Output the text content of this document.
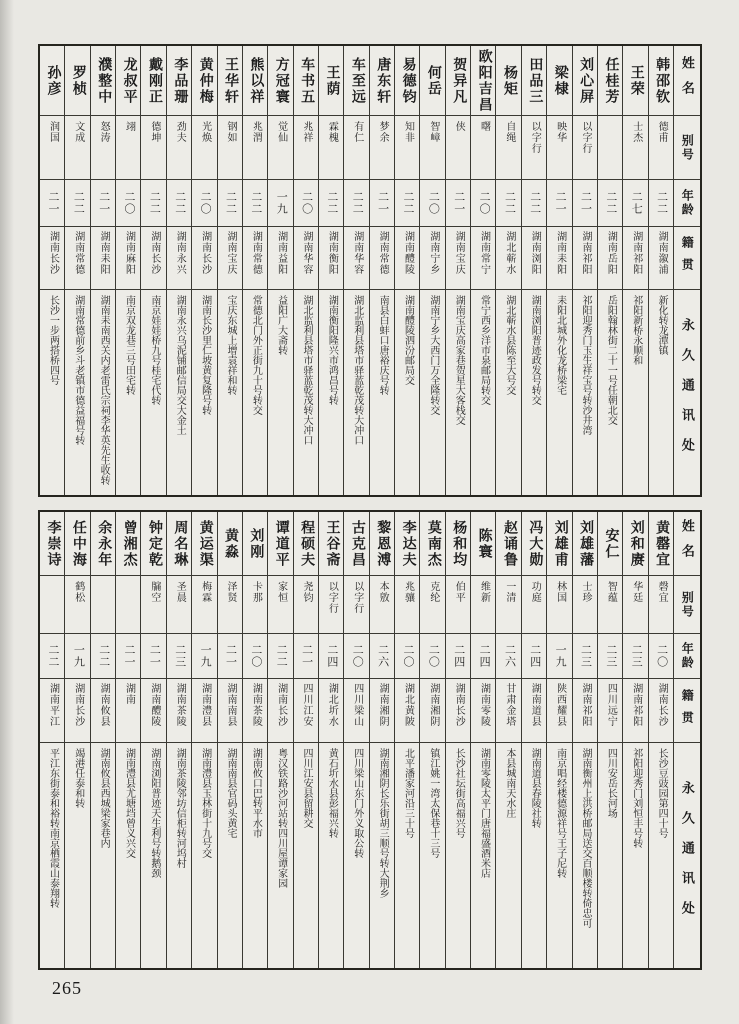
姓名
别号
年龄
籍贯
永久通讯处
韩邵钦
德甫
二二
湖南溆浦
新化转龙潭镇
王荣
士杰
二七
湖南祁阳
祁阳新桥永顺和
任桂芳
二二
湖南岳阳
岳阳翰林街二十一号任朝北交
刘心屏
以字行
二一
湖南祁阳
祁阳迎秀门玉生祥宝号转沙井湾
梁棣
映华
二一
湖南耒阳
耒阳北城外化龙桥梁宅
田品三
以字行
二二
湖南浏阳
湖南浏阳普迹政发号转交
杨矩
自绳
二二
湖北蕲水
湖北蕲水县陈至大号交
欧阳吉昌
曙
二〇
湖南常宁
常宁西乡洋市泉邮局转交
贺异凡
侠
二一
湖南宝庆
湖南宝庆高家巷贺星大客栈交
何岳
智嶂
二〇
湖南宁乡
湖南宁乡大西门万全隆转交
易德钧
知非
二二
湖南醴陵
湖南醴陵泗汾邮局交
唐东轩
梦余
二一
湖南常德
南县白蚌口唐裕庆号转
车至远
有仁
二二
湖南华容
湖北监利县塔市驿蓝乾茂转大冲口
王荫
霖槐
二二
湖南衡阳
湖南衡阳隆兴市鸿昌号转
车书五
兆祥
二〇
湖南华容
湖北监利县塔市驿蓝乾茂转大冲口
方冠寰
觉仙
一九
湖南益阳
益阳广大斋转
熊以祥
兆渭
二二
湖南常德
常德北门外正街九十号转交
王华轩
钢如
二二
湖南宝庆
宝庆东城上增袁祥和转
黄仲梅
光焕
二〇
湖南长沙
湖南长沙里仁坡黄复隆号转
李品珊
劲夫
二二
湖南永兴
湖南永兴乌泥铺邮信局交大金土
戴刚正
德坤
二二
湖南长沙
南京娃娃桥九号桂宅代转
龙叔平
翊
二〇
湖南麻阳
南京双龙巷三号田宅转
濮整中
怒涛
二一
湖南耒阳
湖南耒南西关内老雷氏宗祠李华英先生收转
罗桢
文成
二二
湖南常德
湖南常德前乡斗老镇市德益福号转
孙彦
润国
二一
湖南长沙
长沙一步两搭桥四号
姓名
别号
年龄
籍贯
永久通讯处
黄罄宜
磬宜
二〇
湖南长沙
长沙豆豉园第四十号
刘和赓
华廷
二三
湖南祁阳
祁阳迎秀门刘恒丰号转
安仁
智蕴
二三
四川远宁
四川安岳长河场
刘雄藩
士珍
二三
湖南祁阳
湖南衡州上洪桥邮局送交百顺楼转倚忠可
刘雄甫
林国
一九
陕西耀县
南京唱经楼德源祥号王子尼转
冯大勋
功庭
二四
湖南道县
湖南道县春陵社转
赵诵鲁
一清
二六
甘肃金塔
本县城南天水庄
陈寰
维新
二四
湖南零陵
湖南零陵太平门唐福盛酒米店
杨和均
伯平
二四
湖南长沙
长沙社坛街高福兴号
莫南杰
克纶
二〇
湖南湘阴
镇江姚一湾太保巷十三号
李达夫
兆骧
二〇
湖北黄陂
北平潘家河沿三十号
黎恩溥
本敫
二六
湖南湘阴
湖南湘阴长乐街胡三顺号转大荆乡
古克昌
以字行
二〇
四川梁山
四川梁山东门外义取公转
王谷斋
以字行
二四
湖北圻水
黄石圻水县彭福兴转
程硕夫
尧钧
二一
四川江安
四川江安县留耕交
谭道平
家恒
二二
湖南长沙
粤汉铁路沙河站转四川屋谭家园
刘刚
卡那
二〇
湖南茶陵
湖南攸口巴转平水市
黄淼
泽贤
二一
湖南南县
湖南南县官码头黄宅
黄运渠
梅霖
一九
湖南澧县
湖南澧县玉林街十九号交
周名琳
圣晨
二三
湖南茶陵
湖南茶陵邻坊信柜转河坞村
钟定乾
牖空
二一
湖南醴陵
湖南浏阳普迹天生利号转鹅颈
曾湘杰
二一
湖南
湖南澧县尤塘垱曾义兴交
余永年
二二
湖南攸县
湖南攸县西城梁家巷内
任中海
鹤松
一九
湖南长沙
竭港任泰和转
李崇诗
二二
湖南平江
平江东街泰和裕转南京栖霞山泰翔转
265
